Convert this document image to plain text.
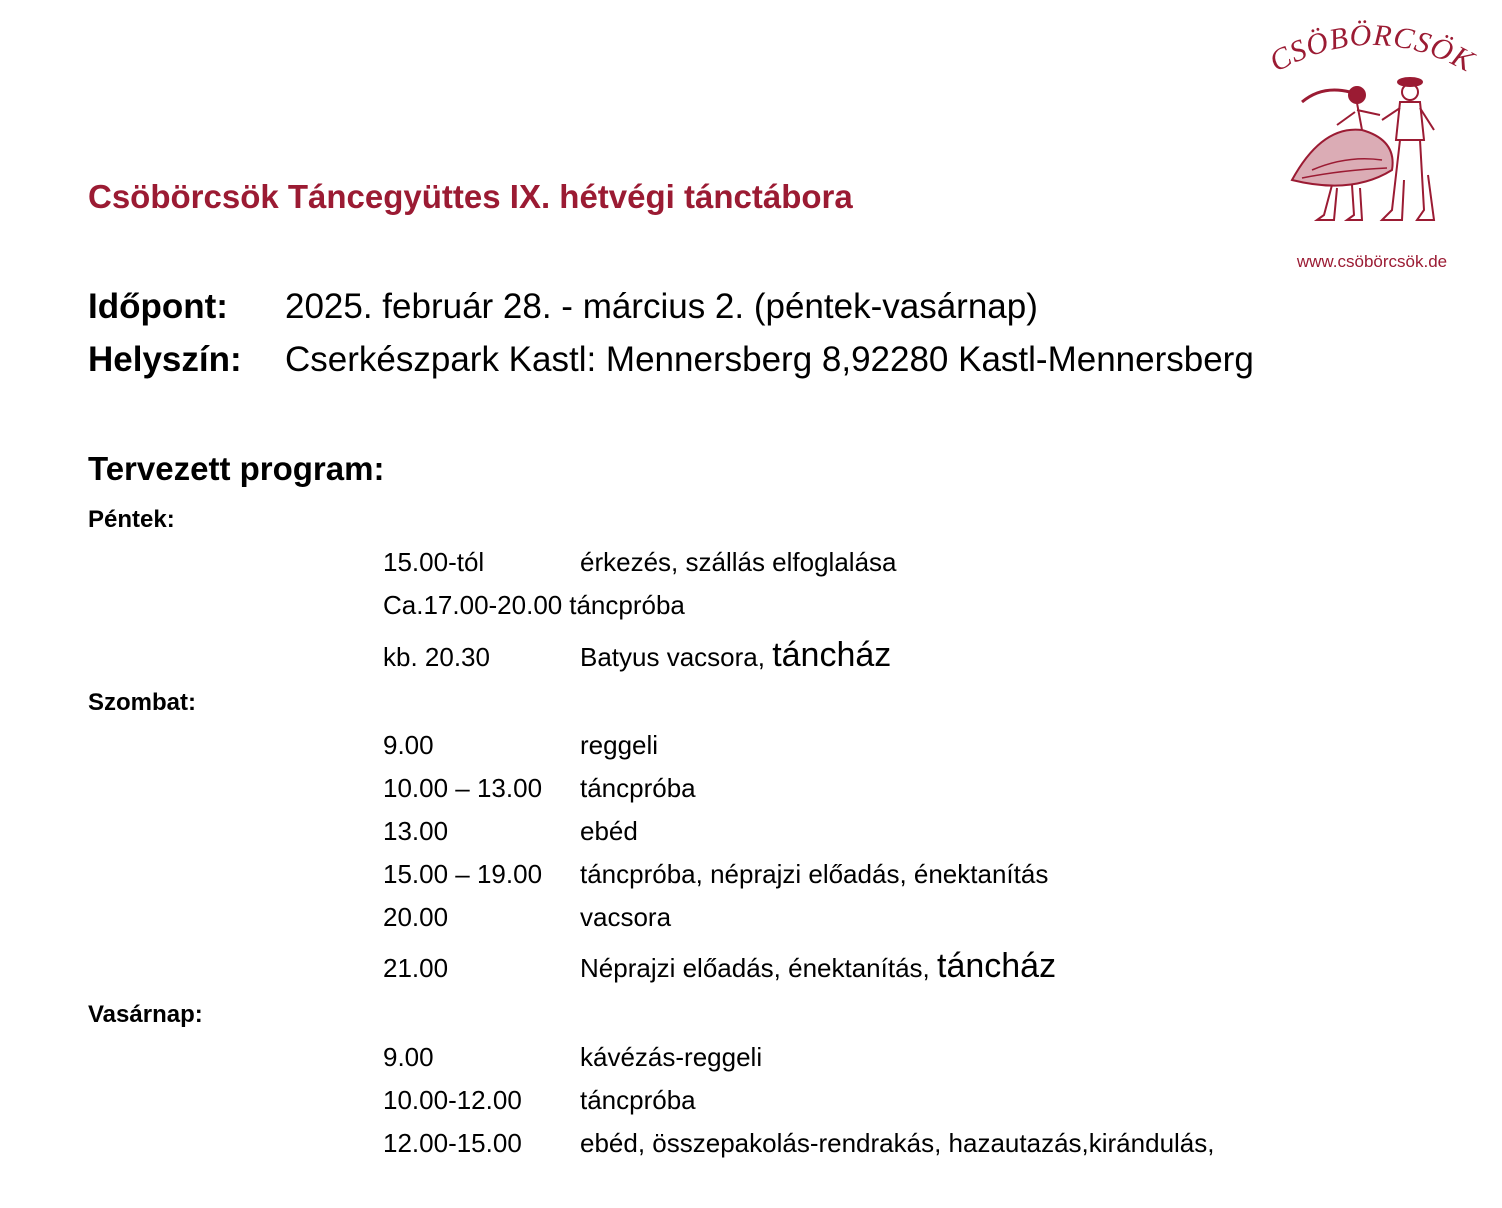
CSÖBÖRCSÖK
www.csöbörcsök.de
Csöbörcsök Táncegyüttes IX. hétvégi tánctábora
Időpont: 2025. február 28. - március 2. (péntek-vasárnap)
Helyszín: Cserkészpark Kastl: Mennersberg 8,92280 Kastl-Mennersberg
Tervezett program:
Péntek:
15.00-tól	érkezés, szállás elfoglalása
Ca.17.00-20.00 táncpróba
kb. 20.30	Batyus vacsora, táncház
Szombat:
9.00	reggeli
10.00 – 13.00 táncpróba
13.00	ebéd
15.00 – 19.00 táncpróba, néprajzi előadás, énektanítás
20.00	vacsora
21.00	Néprajzi előadás, énektanítás, táncház
Vasárnap:
9.00	kávézás-reggeli
10.00-12.00 táncpróba
12.00-15.00 ebéd, összepakolás-rendrakás, hazautazás,kirándulás,
